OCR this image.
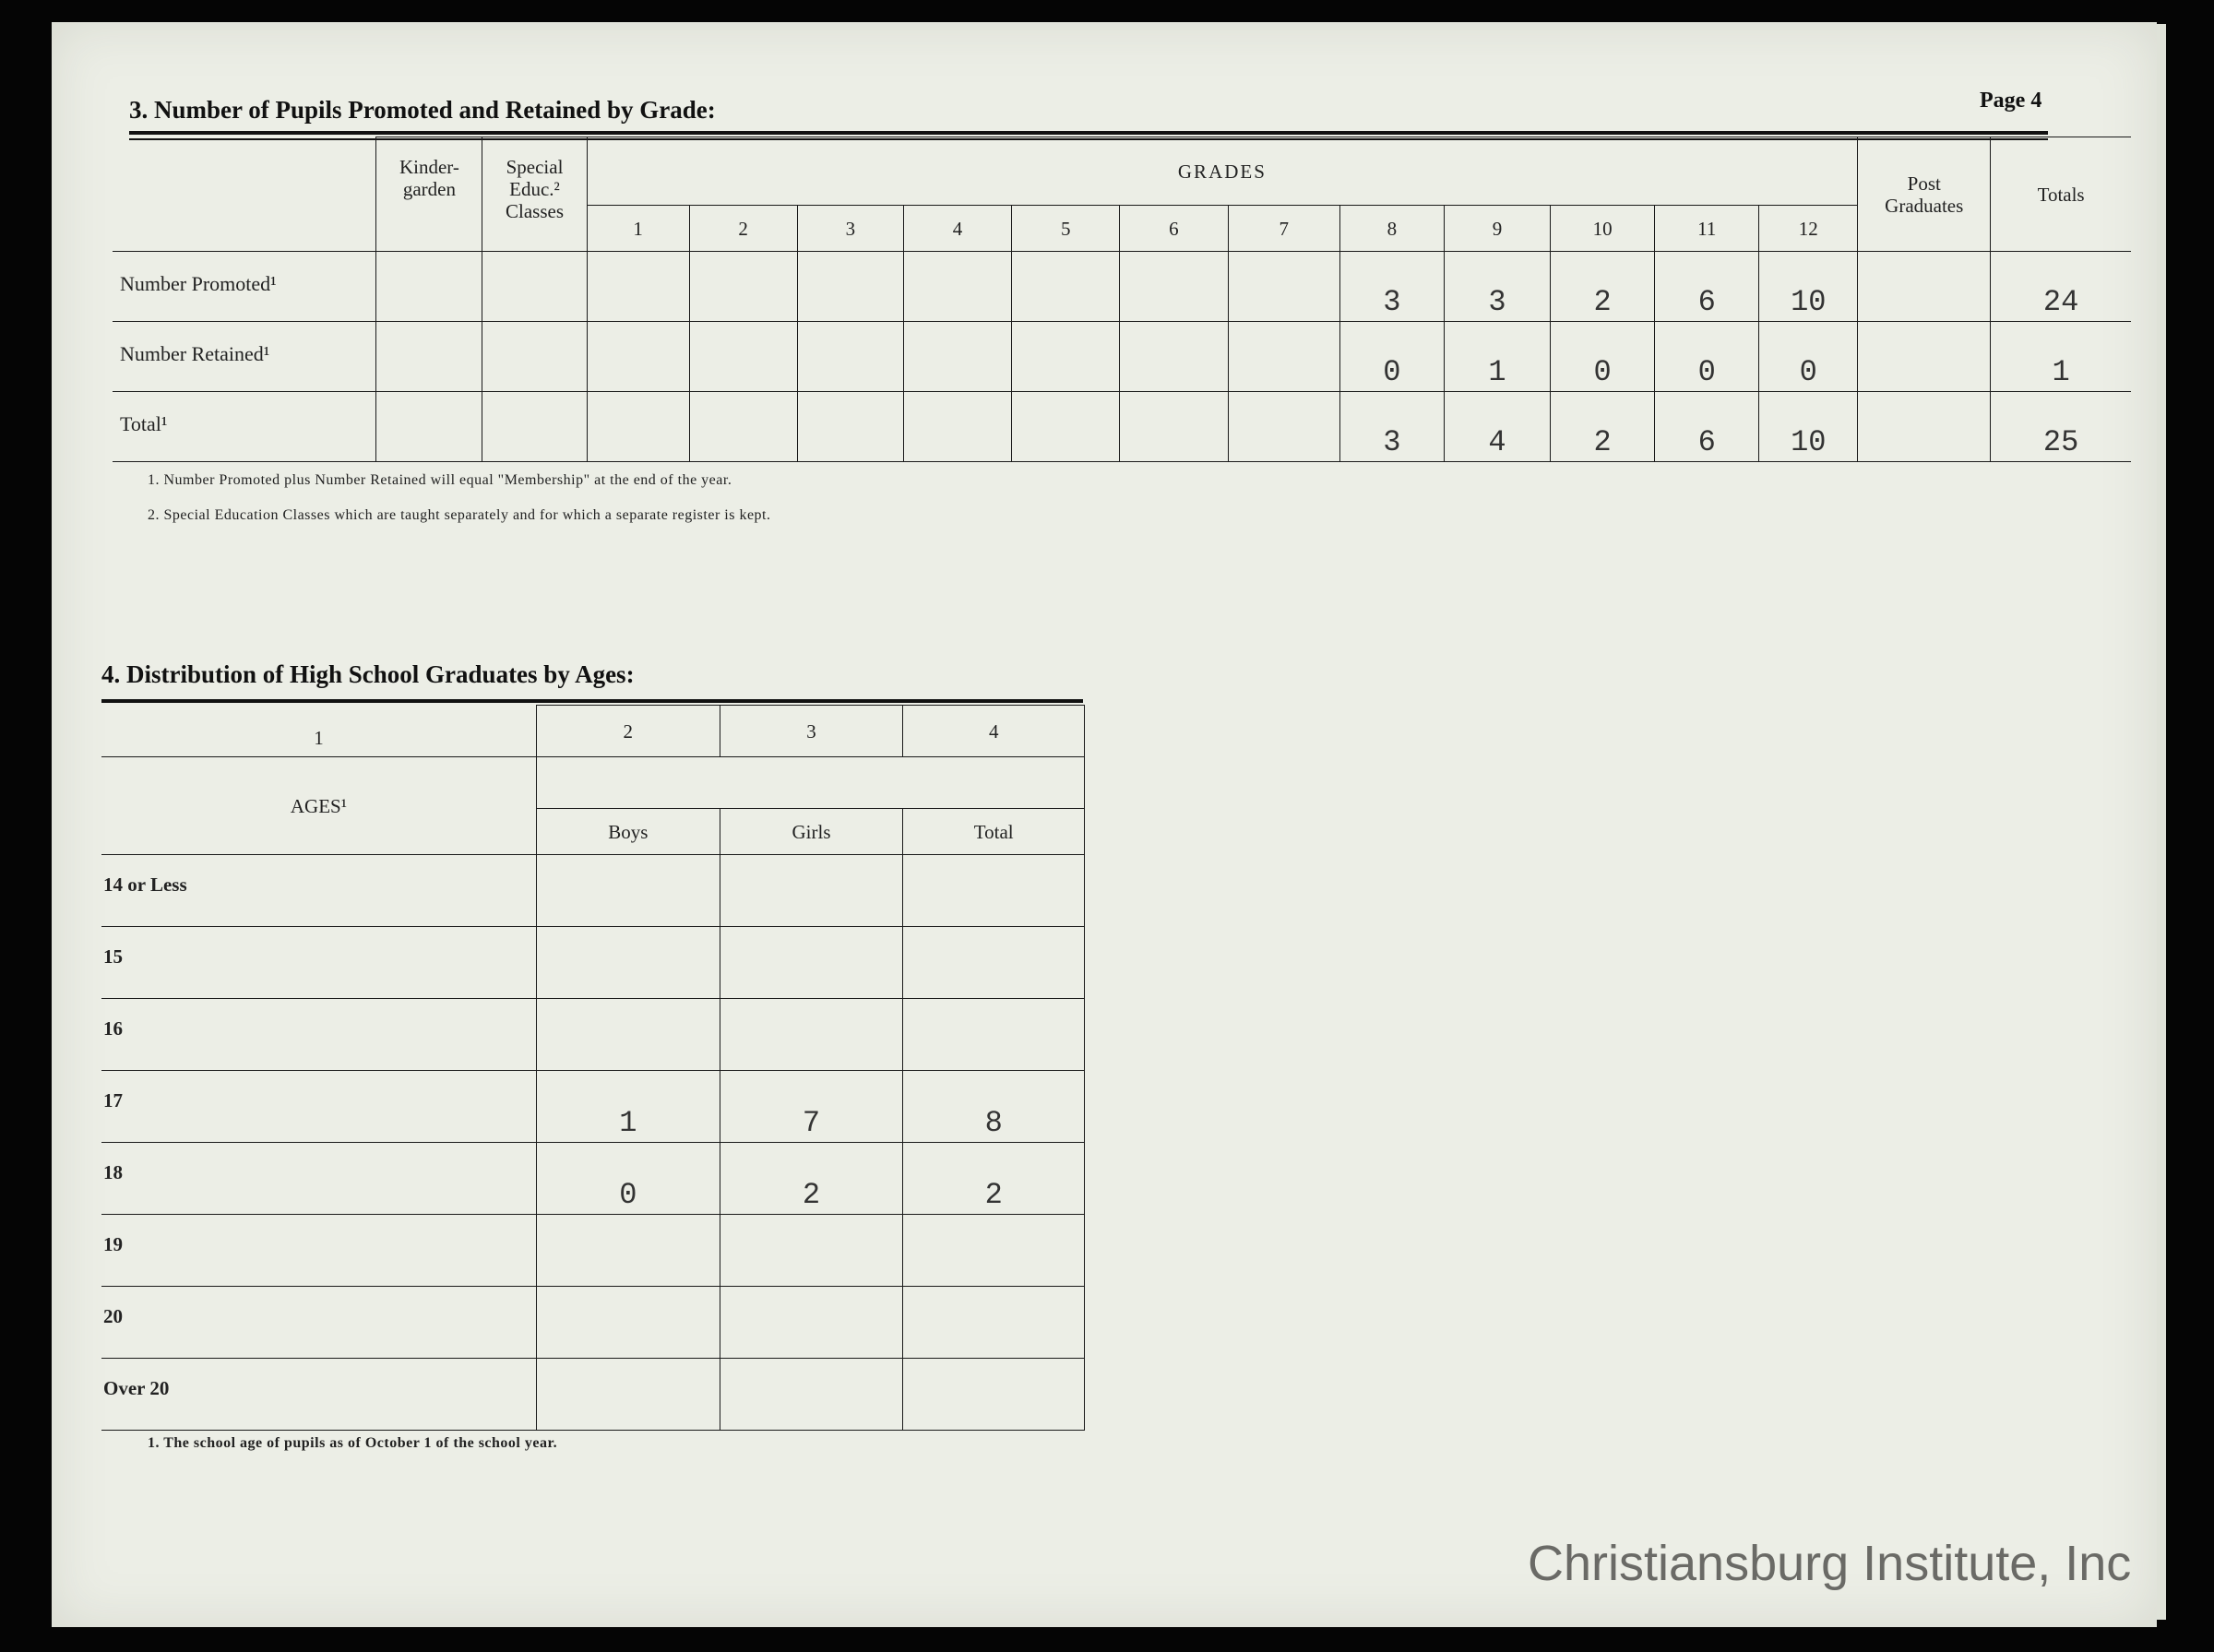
Page 4
3. Number of Pupils Promoted and Retained by Grade:
	Kinder-
garden	Special
Educ.²
Classes	GRADES												Post
Graduates	Totals
			1	2	3	4	5	6	7	8	9	10	11	12		
Number Promoted¹										3	3	2	6	10		24
Number Retained¹										0	1	0	0	0		1
Total¹										3	4	2	6	10		25
1. Number Promoted plus Number Retained will equal "Membership" at the end of the year.
2. Special Education Classes which are taught separately and for which a separate register is kept.
4. Distribution of High School Graduates by Ages:
1	2	3	4
AGES¹			
	Boys	Girls	Total
14 or Less			
15			
16			
17	1	7	8
18	0	2	2
19			
20			
Over 20			
1. The school age of pupils as of October 1 of the school year.
Christiansburg Institute, Inc
